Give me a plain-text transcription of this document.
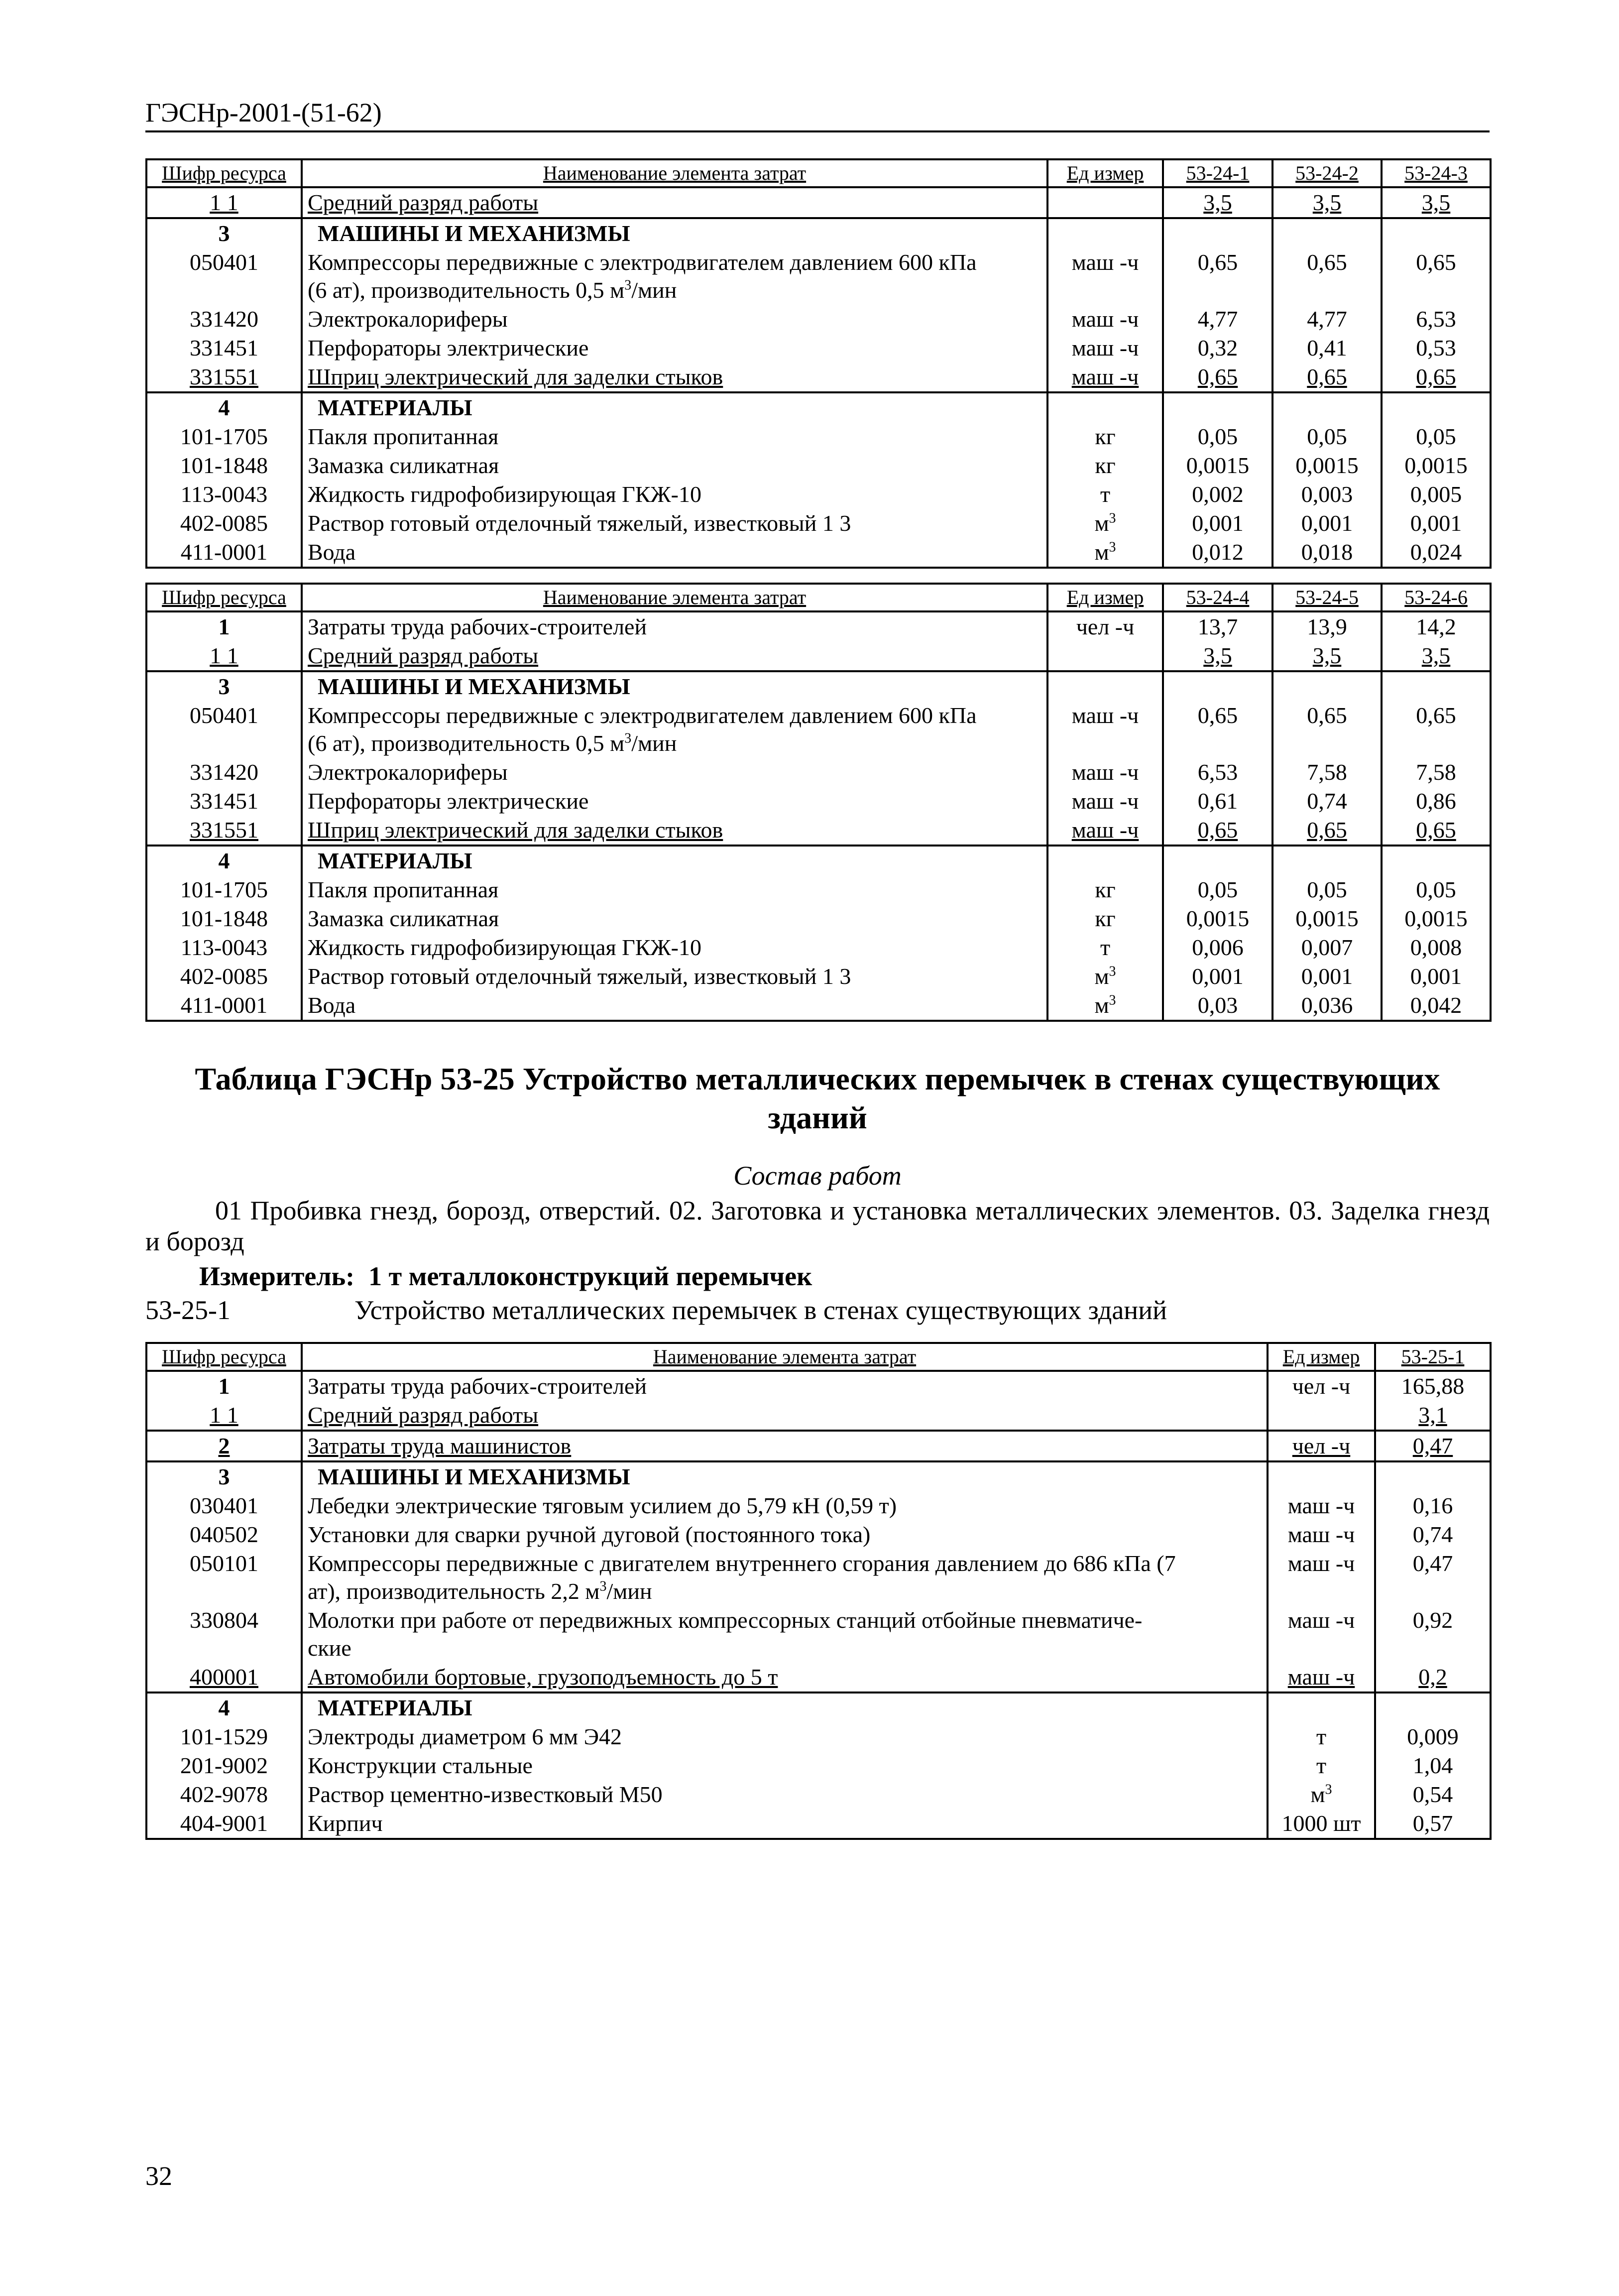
ГЭСНр-2001-(51-62)
Шифр ресурса	Наименование элемента затрат	Ед измер	53-24-1	53-24-2	53-24-3
1 1	Средний разряд работы		3,5	3,5	3,5
3	МАШИНЫ И МЕХАНИЗМЫ				
050401	Компрессоры передвижные с электродвигателем давлением 600 кПа
(6 ат), производительность 0,5 $м^3$/мин	маш -ч	0,65	0,65	0,65
331420	Электрокалориферы	маш -ч	4,77	4,77	6,53
331451	Перфораторы электрические	маш -ч	0,32	0,41	0,53
331551	Шприц электрический для заделки стыков	маш -ч	0,65	0,65	0,65
4	МАТЕРИАЛЫ				
101-1705	Пакля пропитанная	кг	0,05	0,05	0,05
101-1848	Замазка силикатная	кг	0,0015	0,0015	0,0015
113-0043	Жидкость гидрофобизирующая ГКЖ-10	т	0,002	0,003	0,005
402-0085	Раствор готовый отделочный тяжелый, известковый 1 3	$м^3$	0,001	0,001	0,001
411-0001	Вода	$м^3$	0,012	0,018	0,024
Шифр ресурса	Наименование элемента затрат	Ед измер	53-24-4	53-24-5	53-24-6
1	Затраты труда рабочих-строителей	чел -ч	13,7	13,9	14,2
1 1	Средний разряд работы		3,5	3,5	3,5
3	МАШИНЫ И МЕХАНИЗМЫ				
050401	Компрессоры передвижные с электродвигателем давлением 600 кПа
(6 ат), производительность 0,5 $м^3$/мин	маш -ч	0,65	0,65	0,65
331420	Электрокалориферы	маш -ч	6,53	7,58	7,58
331451	Перфораторы электрические	маш -ч	0,61	0,74	0,86
331551	Шприц электрический для заделки стыков	маш -ч	0,65	0,65	0,65
4	МАТЕРИАЛЫ				
101-1705	Пакля пропитанная	кг	0,05	0,05	0,05
101-1848	Замазка силикатная	кг	0,0015	0,0015	0,0015
113-0043	Жидкость гидрофобизирующая ГКЖ-10	т	0,006	0,007	0,008
402-0085	Раствор готовый отделочный тяжелый, известковый 1 3	$м^3$	0,001	0,001	0,001
411-0001	Вода	$м^3$	0,03	0,036	0,042
Таблица ГЭСНр 53-25 Устройство металлических перемычек в стенах существующих
зданий
Состав работ
01 Пробивка гнезд, борозд, отверстий. 02. Заготовка и установка металлических элементов. 03. Заделка гнезд и борозд
Измеритель: 1 т металлоконструкций перемычек
53-25-1	Устройство металлических перемычек в стенах существующих зданий
Шифр ресурса	Наименование элемента затрат	Ед измер	53-25-1
1	Затраты труда рабочих-строителей	чел -ч	165,88
1 1	Средний разряд работы		3,1
2	Затраты труда машинистов	чел -ч	0,47
3	МАШИНЫ И МЕХАНИЗМЫ		
030401	Лебедки электрические тяговым усилием до 5,79 кН (0,59 т)	маш -ч	0,16
040502	Установки для сварки ручной дуговой (постоянного тока)	маш -ч	0,74
050101	Компрессоры передвижные с двигателем внутреннего сгорания давлением до 686 кПа (7
ат), производительность 2,2 $м^3$/мин	маш -ч	0,47
330804	Молотки при работе от передвижных компрессорных станций отбойные пневматиче-
ские	маш -ч	0,92
400001	Автомобили бортовые, грузоподъемность до 5 т	маш -ч	0,2
4	МАТЕРИАЛЫ		
101-1529	Электроды диаметром 6 мм Э42	т	0,009
201-9002	Конструкции стальные	т	1,04
402-9078	Раствор цементно-известковый М50	$м^3$	0,54
404-9001	Кирпич	1000 шт	0,57
32
